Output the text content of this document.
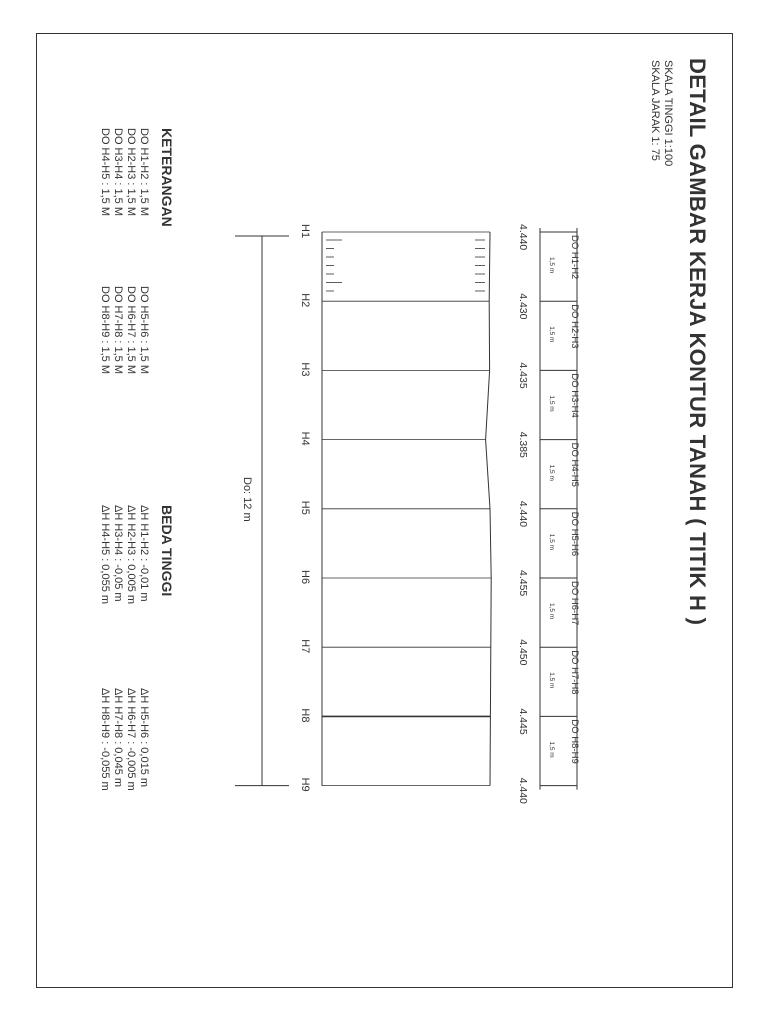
DETAIL GAMBAR KERJA KONTUR TANAH ( TITIK H )
SKALA TINGGI 1:100
SKALA JARAK 1: 75
DO H1-H2
1,5 m
DO H2-H3
1,5 m
DO H3-H4
1,5 m
DO H4-H5
1,5 m
DO H5-H6
1,5 m
DO H6-H7
1,5 m
DO H7-H8
1,5 m
DO H8-H9
1,5 m
4.440
4.430
4.435
4.385
4.440
4.455
4.450
4.445
4.440
H1
H2
H3
H4
H5
H6
H7
H8
H9
Do: 12 m
KETERANGAN
DO H1-H2 : 1,5 M
DO H2-H3 : 1,5 M
DO H3-H4 : 1,5 M
DO H4-H5 : 1,5 M
DO H5-H6 : 1,5 M
DO H6-H7 : 1,5 M
DO H7-H8 : 1,5 M
DO H8-H9 : 1,5 M
BEDA TINGGI
ΔH H1-H2 : -0,01 m
ΔH H2-H3 : 0,005 m
ΔH H3-H4 : -0,05 m
ΔH H4-H5 : 0,055 m
ΔH H5-H6 : 0,015 m
ΔH H6-H7 : -0,005 m
ΔH H7-H8 : 0,045 m
ΔH H8-H9 : -0,055 m
